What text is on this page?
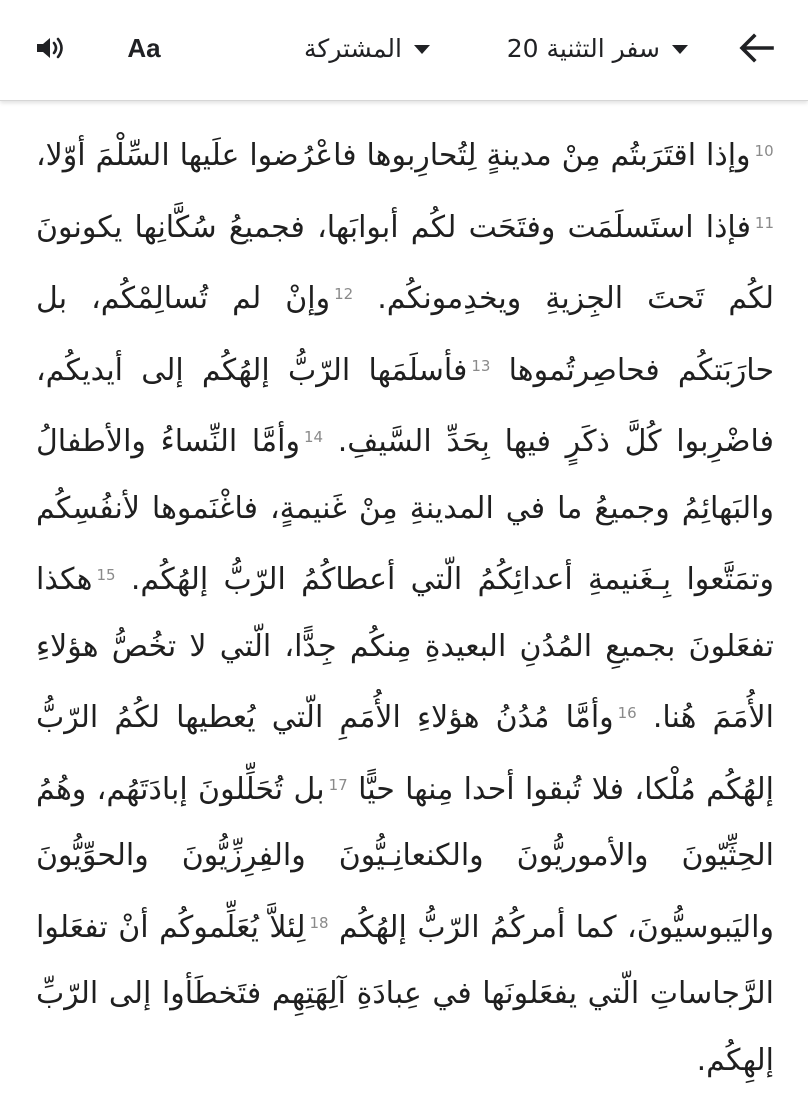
Aa	المشتركة	سفر التثنية 20
$^{10}$وإذا اقتَرَبتُم مِنْ مدينةٍ لِتُحارِبوها فاعْرُضوا علَيها السِّلْمَ أوّلا، $^{11}$فإذا استَسلَمَت وفتَحَت لكُم أبوابَها، فجميعُ سُكَّانِها يكونونَ لكُم تَحتَ الجِزيةِ ويخدِمونكُم. $^{12}$وإنْ لم تُسالِمْكُم، بل حارَبَتكُم فحاصِرتُموها $^{13}$فأسلَمَها الرّبُّ إلهُكُم إلى أيديكُم، فاضْرِبوا كُلَّ ذكَرٍ فيها بِحَدِّ السَّيفِ. $^{14}$وأمَّا النِّساءُ والأطفالُ والبَهائِمُ وجميعُ ما في المدينةِ مِنْ غَنيمةٍ، فاغْنَموها لأنفُسِكُم وتمَتَّعوا بِـغَنيمةِ أعدائِكُمُ الّتي أعطاكُمُ الرّبُّ إلهُكُم. $^{15}$هكذا تفعَلونَ بجميعِ المُدُنِ البعيدةِ مِنكُم جِدًّا، الّتي لا تخُصُّ هؤلاءِ الأُمَمَ هُنا. $^{16}$وأمَّا مُدُنُ هؤلاءِ الأُمَمِ الّتي يُعطيها لكُمُ الرّبُّ إلهُكُم مُلْكا، فلا تُبقوا أحدا مِنها حيًّا $^{17}$بل تُحَلِّلونَ إبادَتَهُم، وهُمُ الحِثِّيّونَ والأموريُّونَ والكنعانِـيُّونَ والفِرِزِّيُّونَ والحوِّيُّونَ واليَبوسيُّونَ، كما أمركُمُ الرّبُّ إلهُكُم $^{18}$لِئلاَّ يُعَلِّموكُم أنْ تفعَلوا الرَّجاساتِ الّتي يفعَلونَها في عِبادَةِ آلِهَتِهِم فتَخطَأوا إلى الرّبِّ إلهِكُم.
